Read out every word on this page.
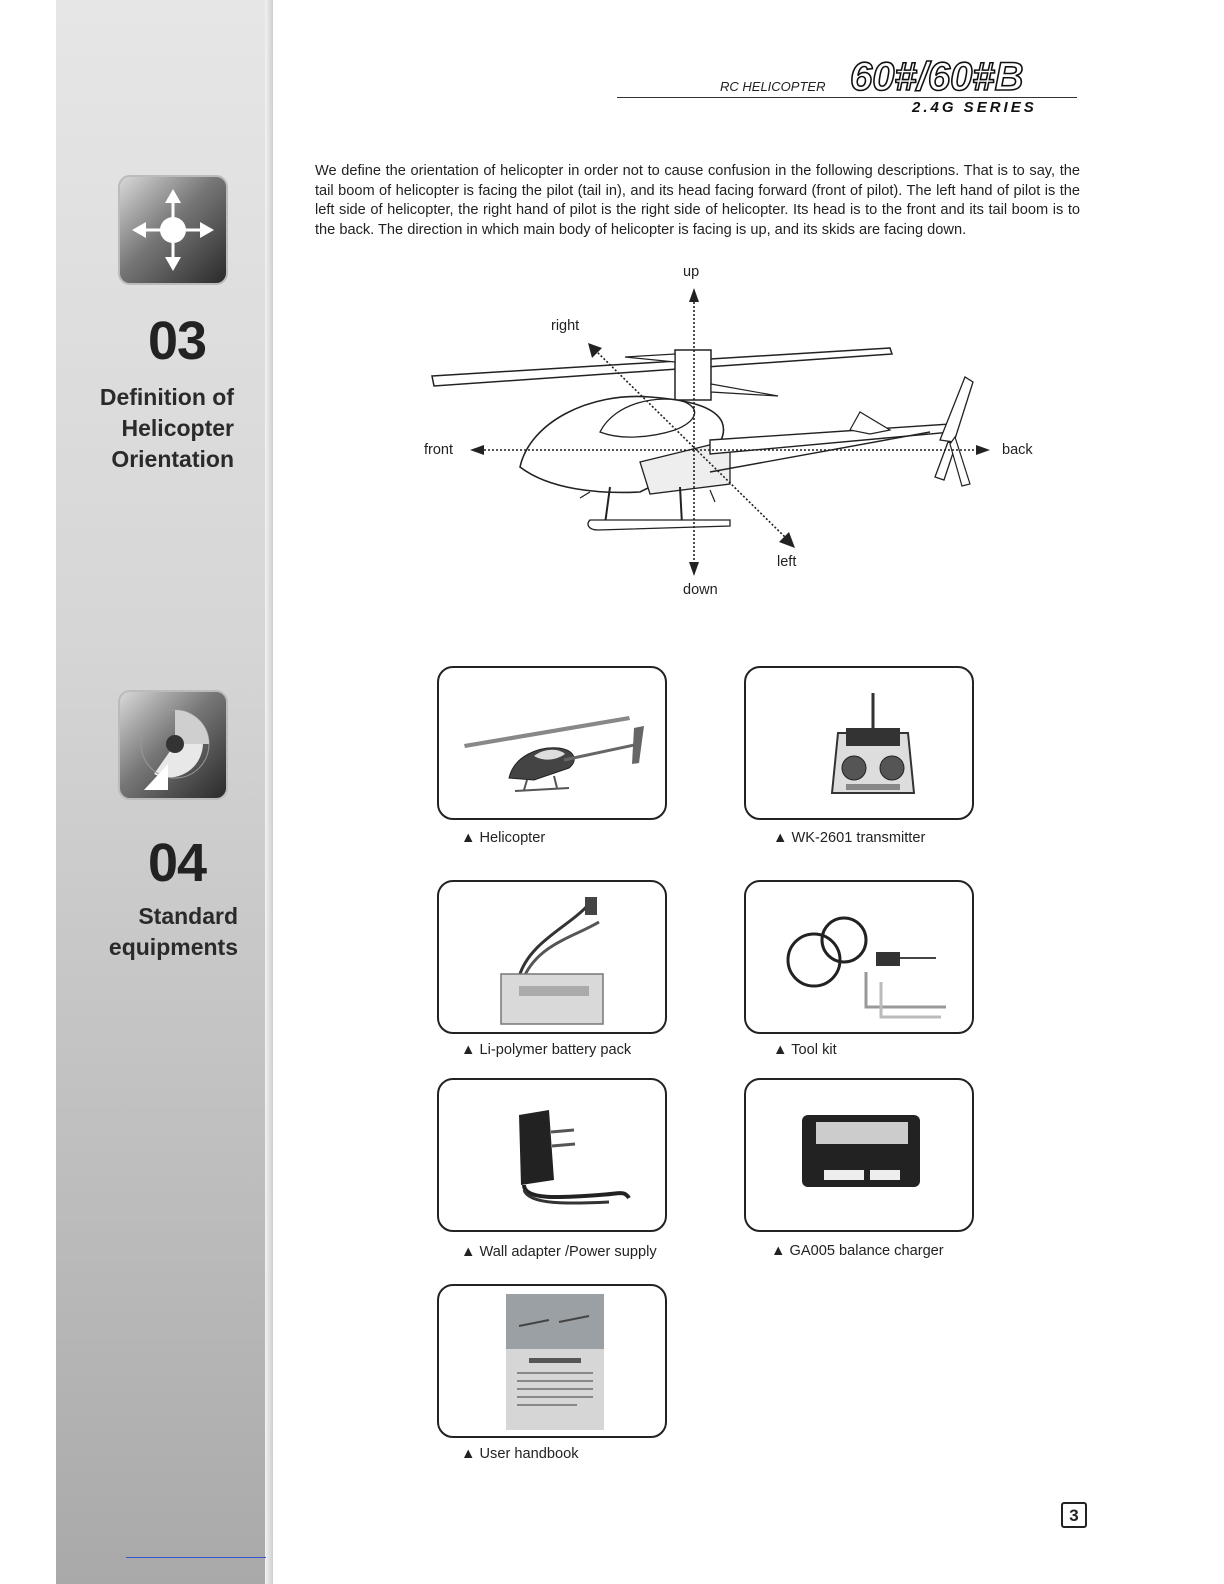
03
Definition of
Helicopter
Orientation
04
Standard
equipments
RC HELICOPTER 60#/60#B
2.4G SERIES
We define the orientation of helicopter in order not to cause confusion in the following descriptions. That is to say, the tail boom of helicopter is facing the pilot (tail in), and its head facing forward (front of pilot). The left hand of pilot is the left side of helicopter, the right hand of pilot is the right side of helicopter. Its head is to the front and its tail boom is to the back. The direction in which main body of helicopter is facing is up, and its skids are facing down.
up
down
front	back
right
left
▲ Helicopter	▲ WK-2601 transmitter
▲ Li-polymer battery pack	▲ Tool kit
▲ Wall adapter /Power supply	▲ GA005 balance charger
▲ User handbook
3
